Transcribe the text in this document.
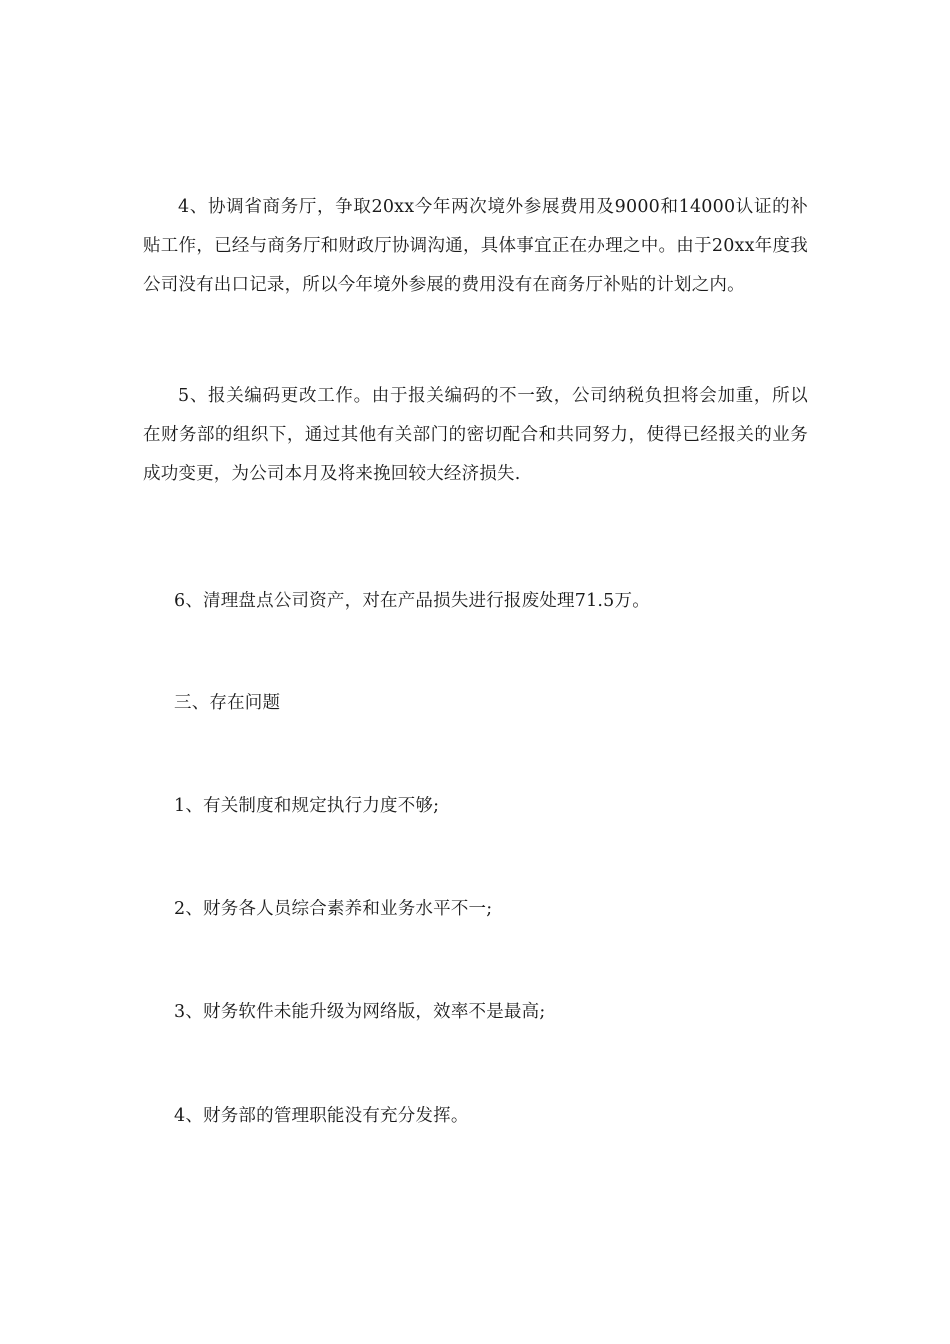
4、协调省商务厅，争取20xx今年两次境外参展费用及9000和14000认证的补贴工作，已经与商务厅和财政厅协调沟通，具体事宜正在办理之中。由于20xx年度我公司没有出口记录，所以今年境外参展的费用没有在商务厅补贴的计划之内。

5、报关编码更改工作。由于报关编码的不一致，公司纳税负担将会加重，所以在财务部的组织下，通过其他有关部门的密切配合和共同努力，使得已经报关的业务成功变更，为公司本月及将来挽回较大经济损失.

6、清理盘点公司资产，对在产品损失进行报废处理71.5万。

三、存在问题

1、有关制度和规定执行力度不够;

2、财务各人员综合素养和业务水平不一;

3、财务软件未能升级为网络版，效率不是最高;

4、财务部的管理职能没有充分发挥。
